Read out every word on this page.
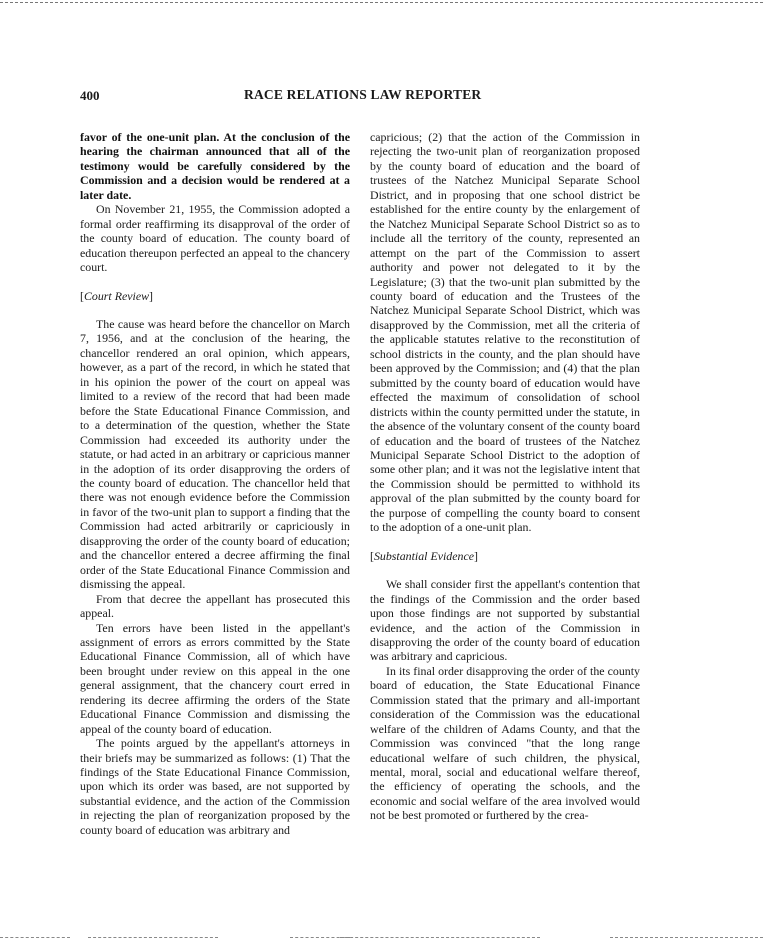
400	RACE RELATIONS LAW REPORTER

favor of the one-unit plan. At the conclusion of the hearing the chairman announced that all of the testimony would be carefully considered by the Commission and a decision would be rendered at a later date.

On November 21, 1955, the Commission adopted a formal order reaffirming its disapproval of the order of the county board of education. The county board of education thereupon perfected an appeal to the chancery court.

[Court Review]

The cause was heard before the chancellor on March 7, 1956, and at the conclusion of the hearing, the chancellor rendered an oral opinion, which appears, however, as a part of the record, in which he stated that in his opinion the power of the court on appeal was limited to a review of the record that had been made before the State Educational Finance Commission, and to a determination of the question, whether the State Commission had exceeded its authority under the statute, or had acted in an arbitrary or capricious manner in the adoption of its order disapproving the orders of the county board of education. The chancellor held that there was not enough evidence before the Commission in favor of the two-unit plan to support a finding that the Commission had acted arbitrarily or capriciously in disapproving the order of the county board of education; and the chancellor entered a decree affirming the final order of the State Educational Finance Commission and dismissing the appeal.

From that decree the appellant has prosecuted this appeal.

Ten errors have been listed in the appellant's assignment of errors as errors committed by the State Educational Finance Commission, all of which have been brought under review on this appeal in the one general assignment, that the chancery court erred in rendering its decree affirming the orders of the State Educational Finance Commission and dismissing the appeal of the county board of education.

The points argued by the appellant's attorneys in their briefs may be summarized as follows: (1) That the findings of the State Educational Finance Commission, upon which its order was based, are not supported by substantial evidence, and the action of the Commission in rejecting the plan of reorganization proposed by the county board of education was arbitrary and

capricious; (2) that the action of the Commission in rejecting the two-unit plan of reorganization proposed by the county board of education and the board of trustees of the Natchez Municipal Separate School District, and in proposing that one school district be established for the entire county by the enlargement of the Natchez Municipal Separate School District so as to include all the territory of the county, represented an attempt on the part of the Commission to assert authority and power not delegated to it by the Legislature; (3) that the two-unit plan submitted by the county board of education and the Trustees of the Natchez Municipal Separate School District, which was disapproved by the Commission, met all the criteria of the applicable statutes relative to the reconstitution of school districts in the county, and the plan should have been approved by the Commission; and (4) that the plan submitted by the county board of education would have effected the maximum of consolidation of school districts within the county permitted under the statute, in the absence of the voluntary consent of the county board of education and the board of trustees of the Natchez Municipal Separate School District to the adoption of some other plan; and it was not the legislative intent that the Commission should be permitted to withhold its approval of the plan submitted by the county board for the purpose of compelling the county board to consent to the adoption of a one-unit plan.

[Substantial Evidence]

We shall consider first the appellant's contention that the findings of the Commission and the order based upon those findings are not supported by substantial evidence, and the action of the Commission in disapproving the order of the county board of education was arbitrary and capricious.

In its final order disapproving the order of the county board of education, the State Educational Finance Commission stated that the primary and all-important consideration of the Commission was the educational welfare of the children of Adams County, and that the Commission was convinced "that the long range educational welfare of such children, the physical, mental, moral, social and educational welfare thereof, the efficiency of operating the schools, and the economic and social welfare of the area involved would not be best promoted or furthered by the crea-
